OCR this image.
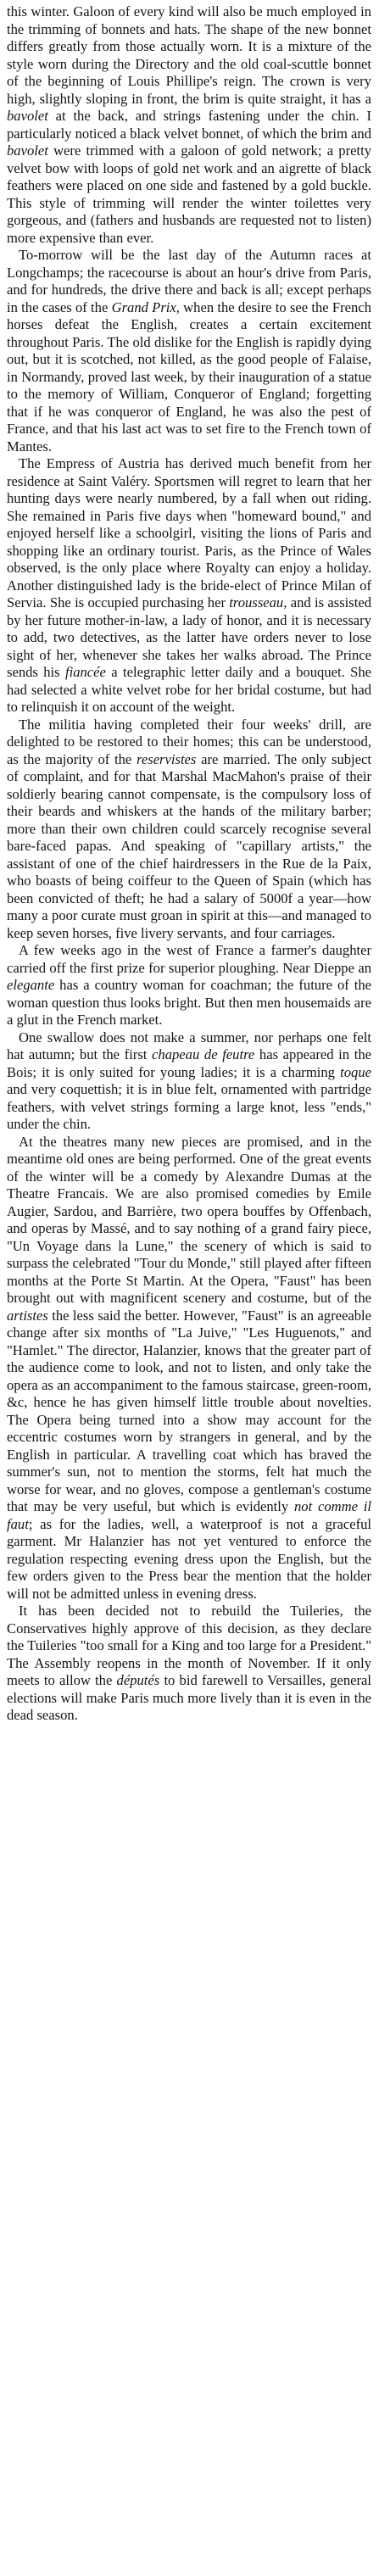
this winter. Galoon of every kind will also be much employed in the trimming of bonnets and hats. The shape of the new bonnet differs greatly from those actually worn. It is a mixture of the style worn during the Directory and the old coal-scuttle bonnet of the beginning of Louis Phillipe's reign. The crown is very high, slightly sloping in front, the brim is quite straight, it has a bavolet at the back, and strings fastening under the chin. I particularly noticed a black velvet bonnet, of which the brim and bavolet were trimmed with a galoon of gold network; a pretty velvet bow with loops of gold net work and an aigrette of black feathers were placed on one side and fastened by a gold buckle. This style of trimming will render the winter toilettes very gorgeous, and (fathers and husbands are requested not to listen) more expensive than ever.

To-morrow will be the last day of the Autumn races at Longchamps; the racecourse is about an hour's drive from Paris, and for hundreds, the drive there and back is all; except perhaps in the cases of the Grand Prix, when the desire to see the French horses defeat the English, creates a certain excitement throughout Paris. The old dislike for the English is rapidly dying out, but it is scotched, not killed, as the good people of Falaise, in Normandy, proved last week, by their inauguration of a statue to the memory of William, Conqueror of England; forgetting that if he was conqueror of England, he was also the pest of France, and that his last act was to set fire to the French town of Mantes.

The Empress of Austria has derived much benefit from her residence at Saint Valéry. Sportsmen will regret to learn that her hunting days were nearly numbered, by a fall when out riding. She remained in Paris five days when "homeward bound," and enjoyed herself like a schoolgirl, visiting the lions of Paris and shopping like an ordinary tourist. Paris, as the Prince of Wales observed, is the only place where Royalty can enjoy a holiday. Another distinguished lady is the bride-elect of Prince Milan of Servia. She is occupied purchasing her trousseau, and is assisted by her future mother-in-law, a lady of honor, and it is necessary to add, two detectives, as the latter have orders never to lose sight of her, whenever she takes her walks abroad. The Prince sends his fiancée a telegraphic letter daily and a bouquet. She had selected a white velvet robe for her bridal costume, but had to relinquish it on account of the weight.

The militia having completed their four weeks' drill, are delighted to be restored to their homes; this can be understood, as the majority of the reservistes are married. The only subject of complaint, and for that Marshal MacMahon's praise of their soldierly bearing cannot compensate, is the compulsory loss of their beards and whiskers at the hands of the military barber; more than their own children could scarcely recognise several bare-faced papas. And speaking of "capillary artists," the assistant of one of the chief hairdressers in the Rue de la Paix, who boasts of being coiffeur to the Queen of Spain (which has been convicted of theft; he had a salary of 5000f a year—how many a poor curate must groan in spirit at this—and managed to keep seven horses, five livery servants, and four carriages.

A few weeks ago in the west of France a farmer's daughter carried off the first prize for superior ploughing. Near Dieppe an elegante has a country woman for coachman; the future of the woman question thus looks bright. But then men housemaids are a glut in the French market.

One swallow does not make a summer, nor perhaps one felt hat autumn; but the first chapeau de feutre has appeared in the Bois; it is only suited for young ladies; it is a charming toque and very coquettish; it is in blue felt, ornamented with partridge feathers, with velvet strings forming a large knot, less "ends," under the chin.

At the theatres many new pieces are promised, and in the meantime old ones are being performed. One of the great events of the winter will be a comedy by Alexandre Dumas at the Theatre Francais. We are also promised comedies by Emile Augier, Sardou, and Barrière, two opera bouffes by Offenbach, and operas by Massé, and to say nothing of a grand fairy piece, "Un Voyage dans la Lune," the scenery of which is said to surpass the celebrated "Tour du Monde," still played after fifteen months at the Porte St Martin. At the Opera, "Faust" has been brought out with magnificent scenery and costume, but of the artistes the less said the better. However, "Faust" is an agreeable change after six months of "La Juive," "Les Huguenots," and "Hamlet." The director, Halanzier, knows that the greater part of the audience come to look, and not to listen, and only take the opera as an accompaniment to the famous staircase, green-room, &c, hence he has given himself little trouble about novelties. The Opera being turned into a show may account for the eccentric costumes worn by strangers in general, and by the English in particular. A travelling coat which has braved the summer's sun, not to mention the storms, felt hat much the worse for wear, and no gloves, compose a gentleman's costume that may be very useful, but which is evidently not comme il faut; as for the ladies, well, a waterproof is not a graceful garment. Mr Halanzier has not yet ventured to enforce the regulation respecting evening dress upon the English, but the few orders given to the Press bear the mention that the holder will not be admitted unless in evening dress.

It has been decided not to rebuild the Tuileries, the Conservatives highly approve of this decision, as they declare the Tuileries "too small for a King and too large for a President." The Assembly reopens in the month of November. If it only meets to allow the députés to bid farewell to Versailles, general elections will make Paris much more lively than it is even in the dead season.
